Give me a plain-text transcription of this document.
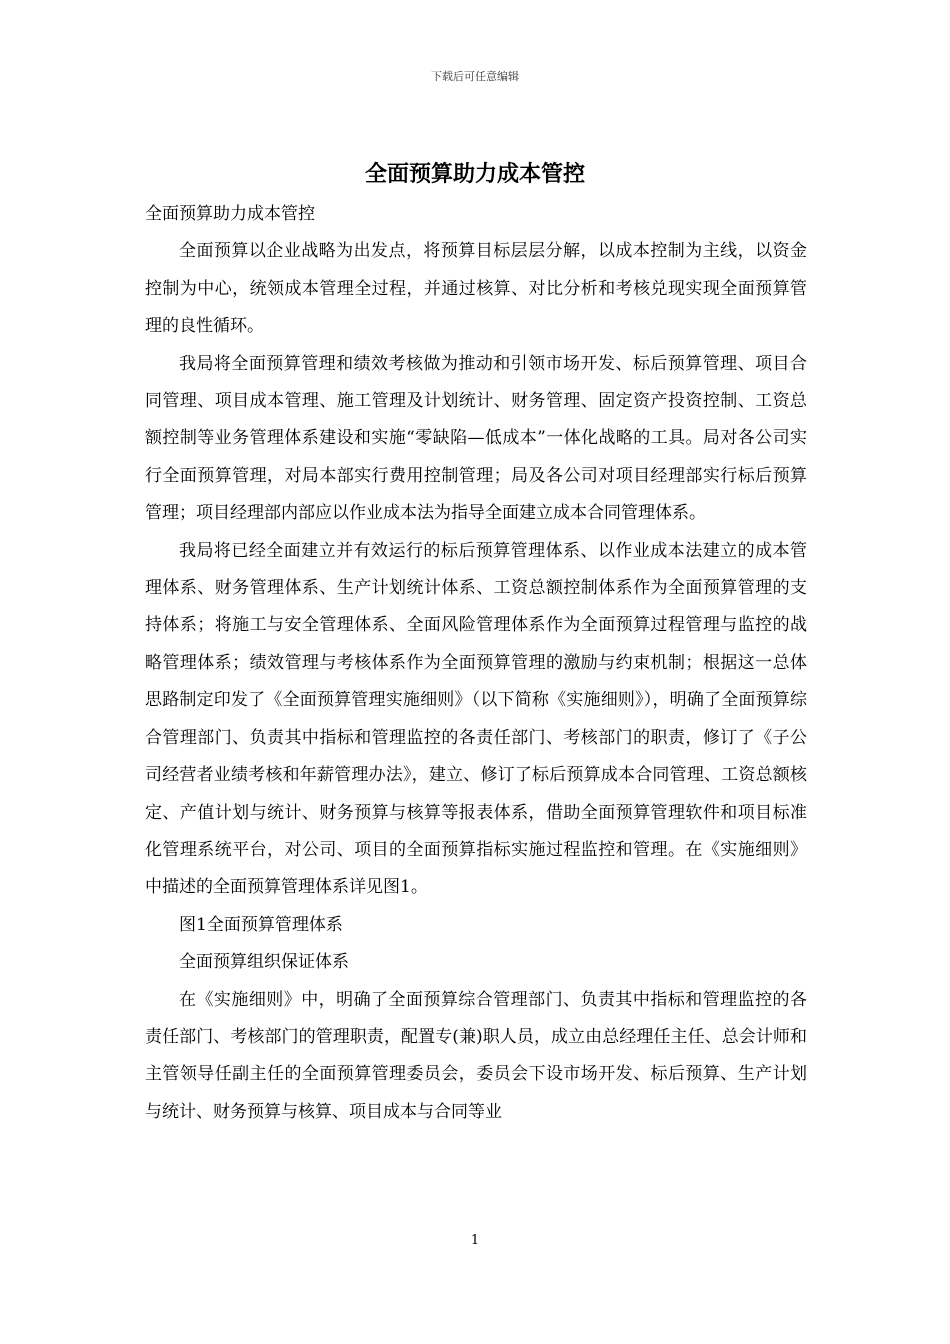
下载后可任意编辑
全面预算助力成本管控

全面预算助力成本管控

全面预算以企业战略为出发点，将预算目标层层分解，以成本控制为主线，以资金控制为中心，统领成本管理全过程，并通过核算、对比分析和考核兑现实现全面预算管理的良性循环。

我局将全面预算管理和绩效考核做为推动和引领市场开发、标后预算管理、项目合同管理、项目成本管理、施工管理及计划统计、财务管理、固定资产投资控制、工资总额控制等业务管理体系建设和实施“零缺陷—低成本”一体化战略的工具。局对各公司实行全面预算管理，对局本部实行费用控制管理；局及各公司对项目经理部实行标后预算管理；项目经理部内部应以作业成本法为指导全面建立成本合同管理体系。

我局将已经全面建立并有效运行的标后预算管理体系、以作业成本法建立的成本管理体系、财务管理体系、生产计划统计体系、工资总额控制体系作为全面预算管理的支持体系；将施工与安全管理体系、全面风险管理体系作为全面预算过程管理与监控的战略管理体系；绩效管理与考核体系作为全面预算管理的激励与约束机制；根据这一总体思路制定印发了《全面预算管理实施细则》（以下简称《实施细则》），明确了全面预算综合管理部门、负责其中指标和管理监控的各责任部门、考核部门的职责，修订了《子公司经营者业绩考核和年薪管理办法》，建立、修订了标后预算成本合同管理、工资总额核定、产值计划与统计、财务预算与核算等报表体系，借助全面预算管理软件和项目标准化管理系统平台，对公司、项目的全面预算指标实施过程监控和管理。在《实施细则》中描述的全面预算管理体系详见图1。

图1全面预算管理体系

全面预算组织保证体系

在《实施细则》中，明确了全面预算综合管理部门、负责其中指标和管理监控的各责任部门、考核部门的管理职责，配置专(兼)职人员，成立由总经理任主任、总会计师和主管领导任副主任的全面预算管理委员会，委员会下设市场开发、标后预算、生产计划与统计、财务预算与核算、项目成本与合同等业

1
